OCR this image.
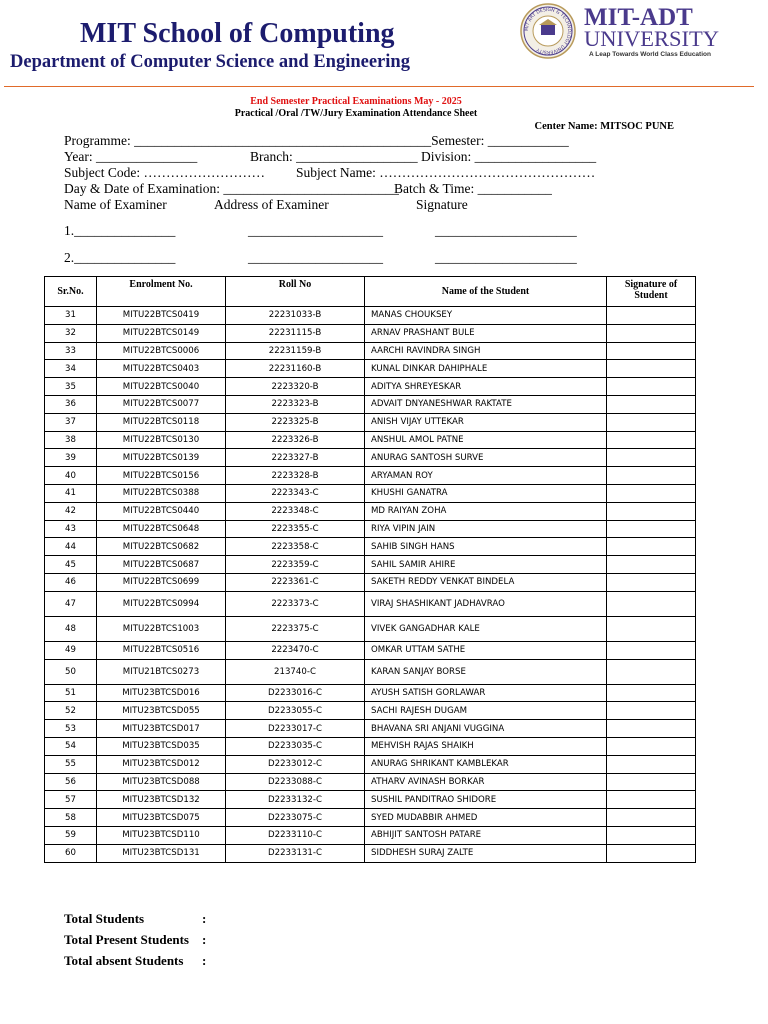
MIT School of Computing
Department of Computer Science and Engineering
MIT ART DESIGN & TECHNOLOGY UNIVERSITY
MIT-ADT
UNIVERSITY
A Leap Towards World Class Education
End Semester Practical Examinations May - 2025
Practical /Oral /TW/Jury Examination Attendance Sheet
Center Name: MITSOC PUNE
Programme: ____________________________________________Semester: ____________
Year: _______________	Branch: __________________ Division: __________________
Subject Code: ……………………… Subject Name: …………………………………………
Day & Date of Examination: __________________________
Batch & Time: ___________
Name of Examiner	Address of Examiner	Signature
1._______________	____________________	_____________________
2._______________	____________________	_____________________
Sr.No.	Enrolment No.	Roll No	Name of the Student	Signature of Student
31	MITU22BTCS0419	22231033-B	MANAS CHOUKSEY	
32	MITU22BTCS0149	22231115-B	ARNAV PRASHANT BULE	
33	MITU22BTCS0006	22231159-B	AARCHI RAVINDRA SINGH	
34	MITU22BTCS0403	22231160-B	KUNAL DINKAR DAHIPHALE	
35	MITU22BTCS0040	2223320-B	ADITYA SHREYESKAR	
36	MITU22BTCS0077	2223323-B	ADVAIT DNYANESHWAR RAKTATE	
37	MITU22BTCS0118	2223325-B	ANISH VIJAY UTTEKAR	
38	MITU22BTCS0130	2223326-B	ANSHUL AMOL PATNE	
39	MITU22BTCS0139	2223327-B	ANURAG SANTOSH SURVE	
40	MITU22BTCS0156	2223328-B	ARYAMAN ROY	
41	MITU22BTCS0388	2223343-C	KHUSHI GANATRA	
42	MITU22BTCS0440	2223348-C	MD RAIYAN ZOHA	
43	MITU22BTCS0648	2223355-C	RIYA VIPIN JAIN	
44	MITU22BTCS0682	2223358-C	SAHIB SINGH HANS	
45	MITU22BTCS0687	2223359-C	SAHIL SAMIR AHIRE	
46	MITU22BTCS0699	2223361-C	SAKETH REDDY VENKAT BINDELA	
47	MITU22BTCS0994	2223373-C	VIRAJ SHASHIKANT JADHAVRAO	
48	MITU22BTCS1003	2223375-C	VIVEK GANGADHAR KALE	
49	MITU22BTCS0516	2223470-C	OMKAR UTTAM SATHE	
50	MITU21BTCS0273	213740-C	KARAN SANJAY BORSE	
51	MITU23BTCSD016	D2233016-C	AYUSH SATISH GORLAWAR	
52	MITU23BTCSD055	D2233055-C	SACHI RAJESH DUGAM	
53	MITU23BTCSD017	D2233017-C	BHAVANA SRI ANJANI VUGGINA	
54	MITU23BTCSD035	D2233035-C	MEHVISH RAJAS SHAIKH	
55	MITU23BTCSD012	D2233012-C	ANURAG SHRIKANT KAMBLEKAR	
56	MITU23BTCSD088	D2233088-C	ATHARV AVINASH BORKAR	
57	MITU23BTCSD132	D2233132-C	SUSHIL PANDITRAO SHIDORE	
58	MITU23BTCSD075	D2233075-C	SYED MUDABBIR AHMED	
59	MITU23BTCSD110	D2233110-C	ABHIJIT SANTOSH PATARE	
60	MITU23BTCSD131	D2233131-C	SIDDHESH SURAJ ZALTE	
Total Students	:
Total Present Students :
Total absent Students :
